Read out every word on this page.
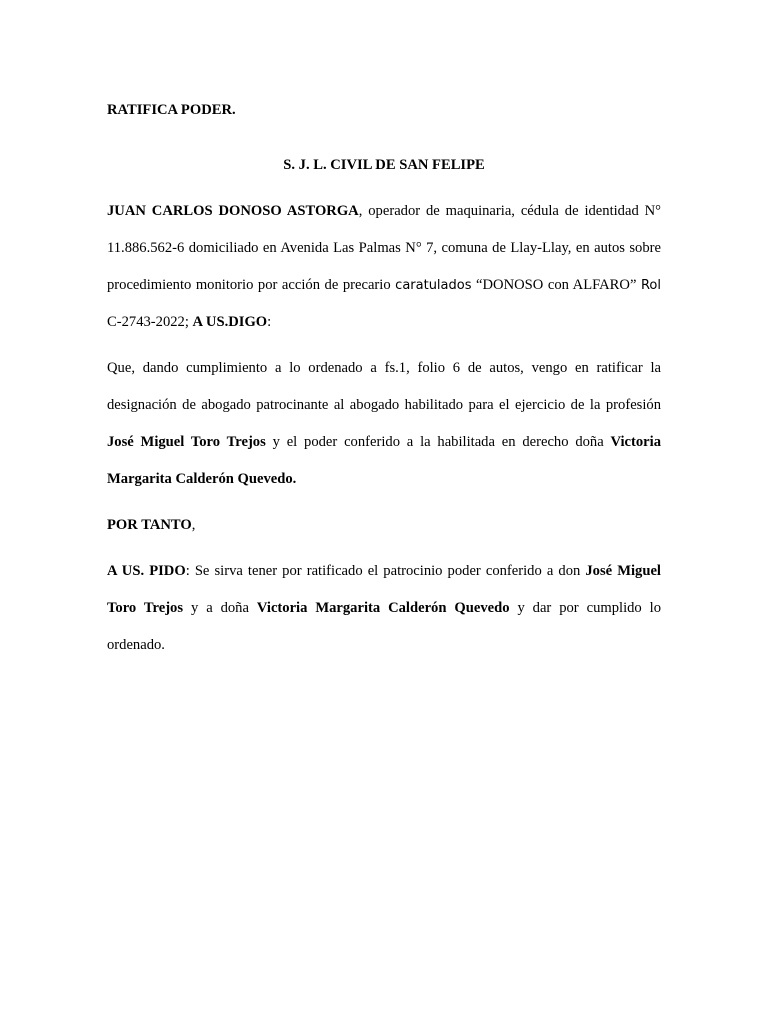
RATIFICA PODER.
S. J. L. CIVIL DE SAN FELIPE
JUAN CARLOS DONOSO ASTORGA, operador de maquinaria, cédula de identidad N°
11.886.562-6 domiciliado en Avenida Las Palmas N° 7, comuna de Llay-Llay, en autos sobre
procedimiento monitorio por acción de precario caratulados “DONOSO con ALFARO” Rol
C-2743-2022; A US.DIGO:
Que, dando cumplimiento a lo ordenado a fs.1, folio 6 de autos, vengo en ratificar la
designación de abogado patrocinante al abogado habilitado para el ejercicio de la profesión
José Miguel Toro Trejos y el poder conferido a la habilitada en derecho doña Victoria
Margarita Calderón Quevedo.
POR TANTO,
A US. PIDO: Se sirva tener por ratificado el patrocinio poder conferido a don José Miguel
Toro Trejos y a doña Victoria Margarita Calderón Quevedo y dar por cumplido lo
ordenado.
